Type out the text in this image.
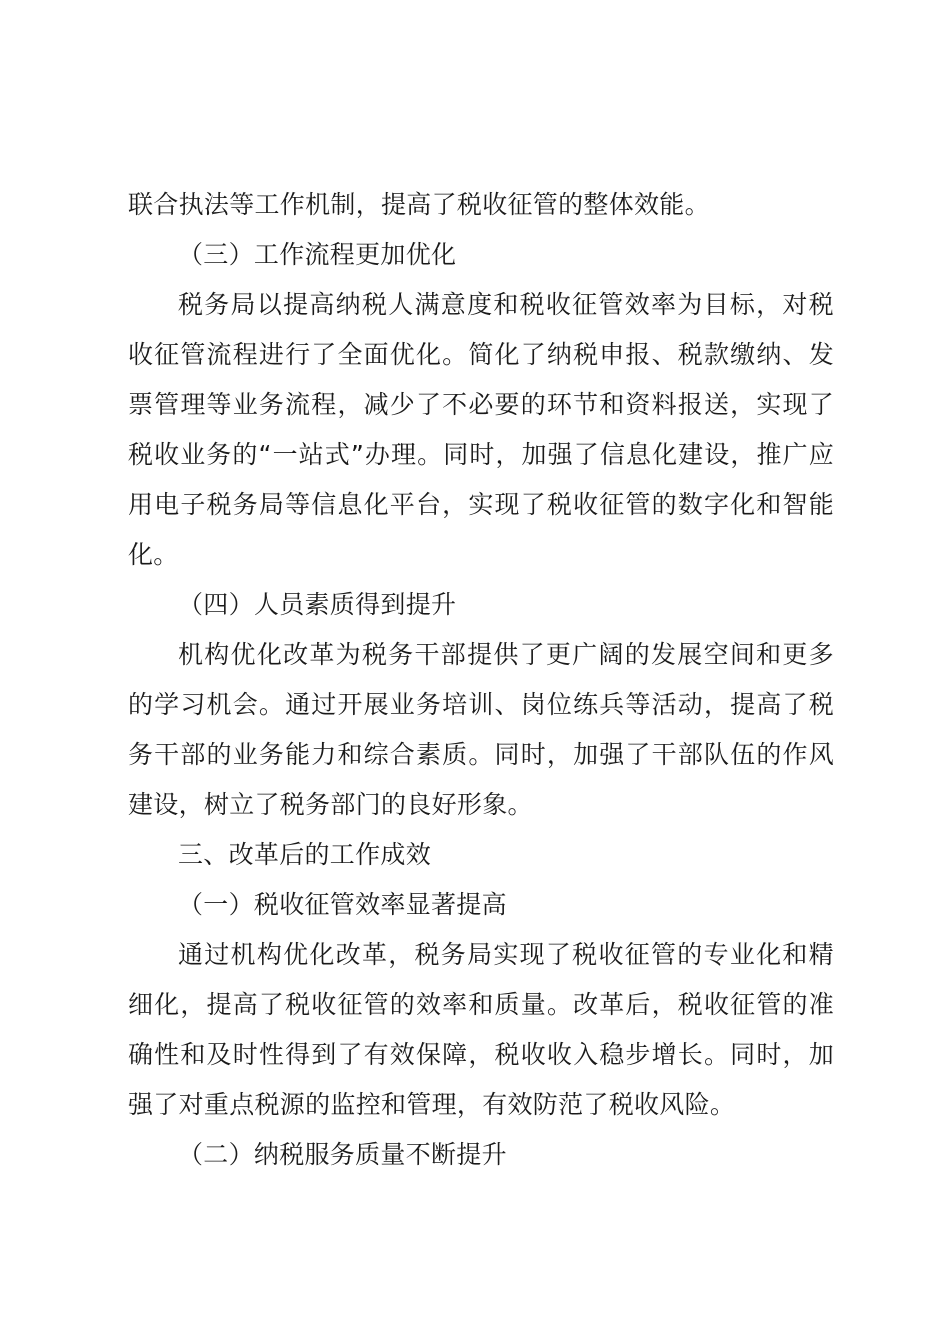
联合执法等工作机制，提高了税收征管的整体效能。

（三）工作流程更加优化

税务局以提高纳税人满意度和税收征管效率为目标，对税收征管流程进行了全面优化。简化了纳税申报、税款缴纳、发票管理等业务流程，减少了不必要的环节和资料报送，实现了税收业务的“一站式”办理。同时，加强了信息化建设，推广应用电子税务局等信息化平台，实现了税收征管的数字化和智能化。

（四）人员素质得到提升

机构优化改革为税务干部提供了更广阔的发展空间和更多的学习机会。通过开展业务培训、岗位练兵等活动，提高了税务干部的业务能力和综合素质。同时，加强了干部队伍的作风建设，树立了税务部门的良好形象。

三、改革后的工作成效

（一）税收征管效率显著提高

通过机构优化改革，税务局实现了税收征管的专业化和精细化，提高了税收征管的效率和质量。改革后，税收征管的准确性和及时性得到了有效保障，税收收入稳步增长。同时，加强了对重点税源的监控和管理，有效防范了税收风险。

（二）纳税服务质量不断提升
